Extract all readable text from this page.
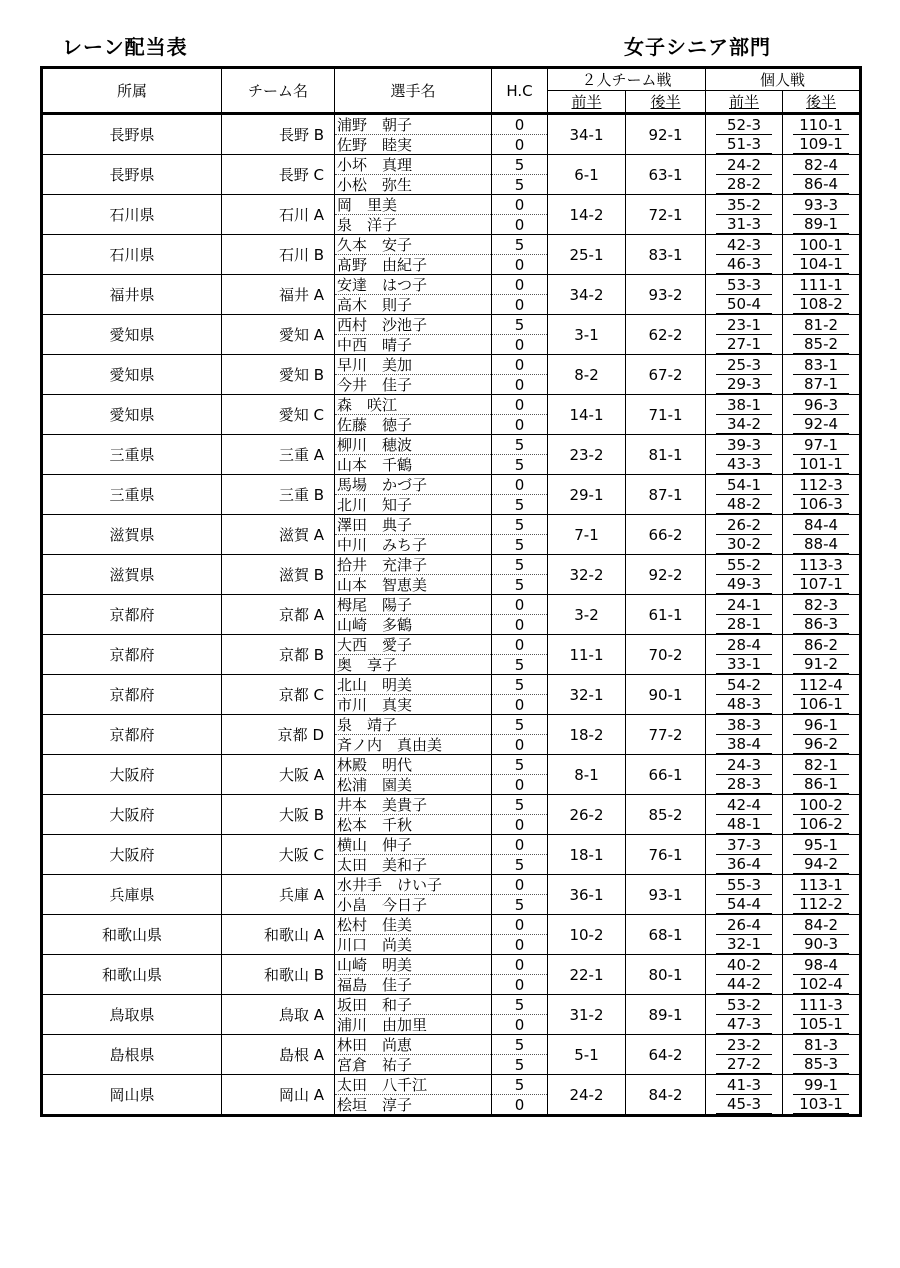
レーン配当表	女子シニア部門
所属	チーム名	選手名	H.C	２人チーム戦		個人戦	
				前半	後半	前半	後半
長野県	長野 B	浦野　朝子	0	34-1	92-1	52-3	110-1
		佐野　睦実	0			51-3	109-1
長野県	長野 C	小坏　真理	5	6-1	63-1	24-2	82-4
		小松　弥生	5			28-2	86-4
石川県	石川 A	岡　里美	0	14-2	72-1	35-2	93-3
		泉　洋子	0			31-3	89-1
石川県	石川 B	久本　安子	5	25-1	83-1	42-3	100-1
		髙野　由紀子	0			46-3	104-1
福井県	福井 A	安達　はつ子	0	34-2	93-2	53-3	111-1
		高木　則子	0			50-4	108-2
愛知県	愛知 A	西村　沙池子	5	3-1	62-2	23-1	81-2
		中西　晴子	0			27-1	85-2
愛知県	愛知 B	早川　美加	0	8-2	67-2	25-3	83-1
		今井　佳子	0			29-3	87-1
愛知県	愛知 C	森　咲江	0	14-1	71-1	38-1	96-3
		佐藤　徳子	0			34-2	92-4
三重県	三重 A	柳川　穂波	5	23-2	81-1	39-3	97-1
		山本　千鶴	5			43-3	101-1
三重県	三重 B	馬場　かづ子	0	29-1	87-1	54-1	112-3
		北川　知子	5			48-2	106-3
滋賀県	滋賀 A	澤田　典子	5	7-1	66-2	26-2	84-4
		中川　みち子	5			30-2	88-4
滋賀県	滋賀 B	拾井　充津子	5	32-2	92-2	55-2	113-3
		山本　智恵美	5			49-3	107-1
京都府	京都 A	栂尾　陽子	0	3-2	61-1	24-1	82-3
		山崎　多鶴	0			28-1	86-3
京都府	京都 B	大西　愛子	0	11-1	70-2	28-4	86-2
		奥　享子	5			33-1	91-2
京都府	京都 C	北山　明美	5	32-1	90-1	54-2	112-4
		市川　真実	0			48-3	106-1
京都府	京都 D	泉　靖子	5	18-2	77-2	38-3	96-1
		斉ノ内　真由美	0			38-4	96-2
大阪府	大阪 A	林殿　明代	5	8-1	66-1	24-3	82-1
		松浦　園美	0			28-3	86-1
大阪府	大阪 B	井本　美貴子	5	26-2	85-2	42-4	100-2
		松本　千秋	0			48-1	106-2
大阪府	大阪 C	横山　伸子	0	18-1	76-1	37-3	95-1
		太田　美和子	5			36-4	94-2
兵庫県	兵庫 A	水井手　けい子	0	36-1	93-1	55-3	113-1
		小畠　今日子	5			54-4	112-2
和歌山県	和歌山 A	松村　佳美	0	10-2	68-1	26-4	84-2
		川口　尚美	0			32-1	90-3
和歌山県	和歌山 B	山崎　明美	0	22-1	80-1	40-2	98-4
		福島　佳子	0			44-2	102-4
鳥取県	鳥取 A	坂田　和子	5	31-2	89-1	53-2	111-3
		浦川　由加里	0			47-3	105-1
島根県	島根 A	林田　尚恵	5	5-1	64-2	23-2	81-3
		宮倉　祐子	5			27-2	85-3
岡山県	岡山 A	太田　八千江	5	24-2	84-2	41-3	99-1
		桧垣　淳子	0			45-3	103-1
